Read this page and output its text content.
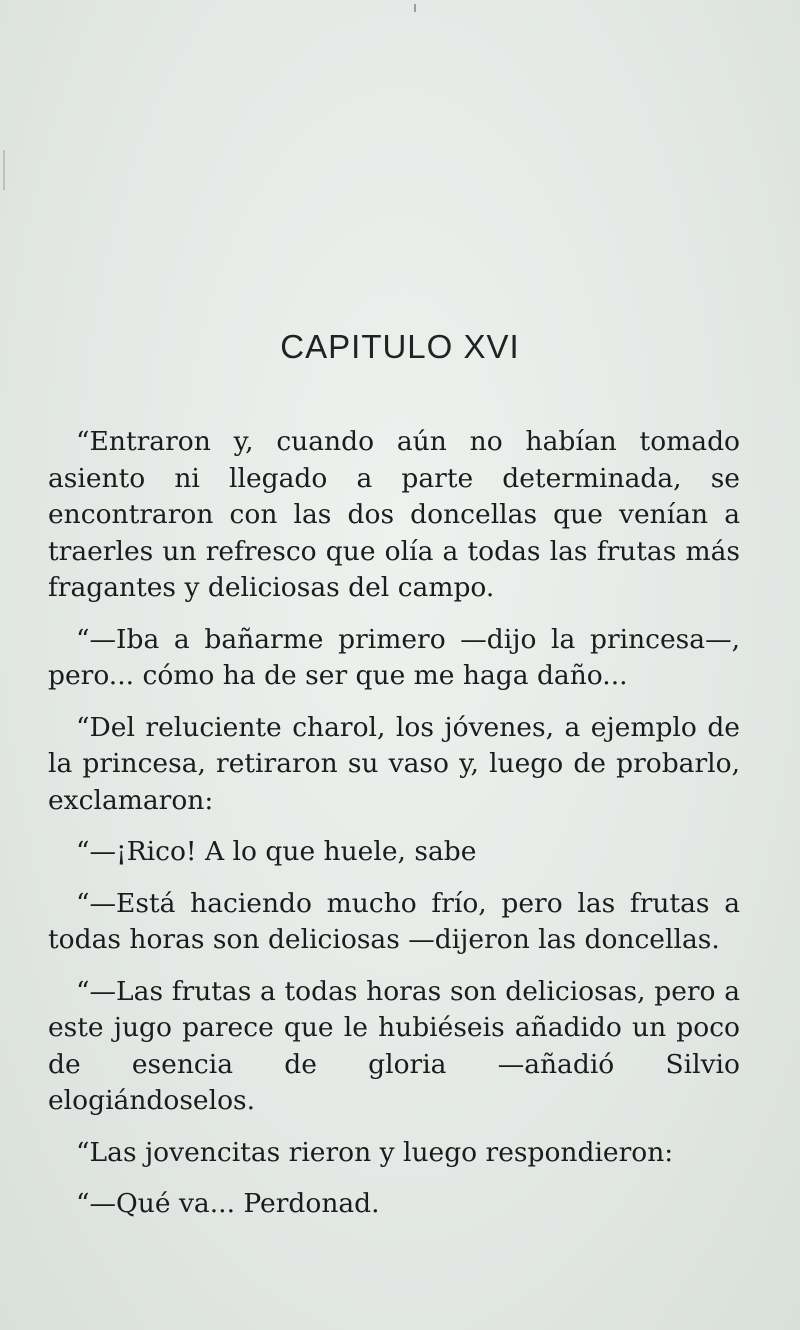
CAPITULO XVI

“Entraron y, cuando aún no habían tomado asiento ni llegado a parte determinada, se encontraron con las dos doncellas que venían a traerles un refresco que olía a todas las frutas más fragantes y deliciosas del campo.

“—Iba a bañarme primero —dijo la princesa—, pero... cómo ha de ser que me haga daño...

“Del reluciente charol, los jóvenes, a ejemplo de la princesa, retiraron su vaso y, luego de probarlo, exclamaron:

“—¡Rico! A lo que huele, sabe

“—Está haciendo mucho frío, pero las frutas a todas horas son deliciosas —dijeron las doncellas.

“—Las frutas a todas horas son deliciosas, pero a este jugo parece que le hubiéseis añadido un poco de esencia de gloria —añadió Silvio elogiándoselos.

“Las jovencitas rieron y luego respondieron:

“—Qué va... Perdonad.
